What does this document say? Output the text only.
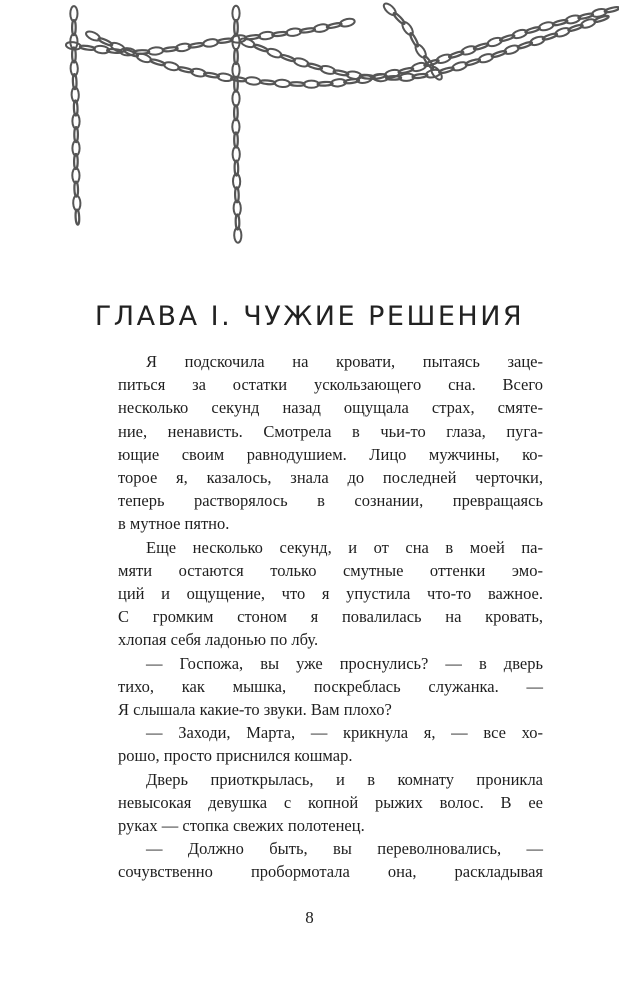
ГЛАВА I. ЧУЖИЕ РЕШЕНИЯ
Я подскочила на кровати, пытаясь заце-
питься за остатки ускользающего сна. Всего
несколько секунд назад ощущала страх, смяте-
ние, ненависть. Смотрела в чьи-то глаза, пуга-
ющие своим равнодушием. Лицо мужчины, ко-
торое я, казалось, знала до последней черточки,
теперь растворялось в сознании, превращаясь
в мутное пятно.
Еще несколько секунд, и от сна в моей па-
мяти остаются только смутные оттенки эмо-
ций и ощущение, что я упустила что-то важное.
С громким стоном я повалилась на кровать,
хлопая себя ладонью по лбу.
— Госпожа, вы уже проснулись? — в дверь
тихо, как мышка, поскреблась служанка. —
Я слышала какие-то звуки. Вам плохо?
— Заходи, Марта, — крикнула я, — все хо-
рошо, просто приснился кошмар.
Дверь приоткрылась, и в комнату проникла
невысокая девушка с копной рыжих волос. В ее
руках — стопка свежих полотенец.
— Должно быть, вы переволновались, —
сочувственно пробормотала она, раскладывая
8
